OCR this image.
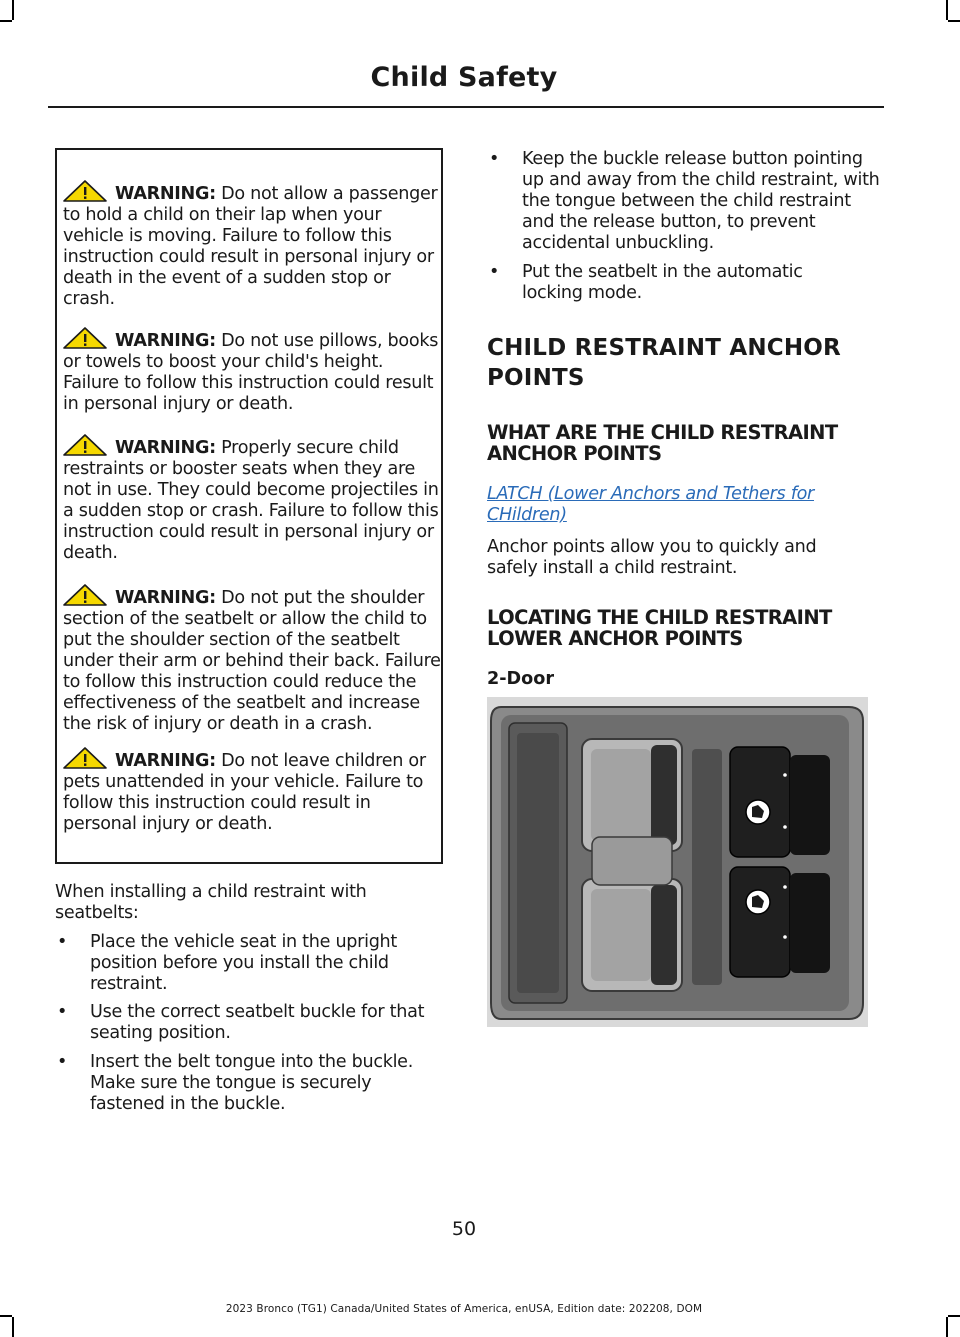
Child Safety
WARNING: Do not allow a passenger to hold a child on their lap when your vehicle is moving. Failure to follow this instruction could result in personal injury or death in the event of a sudden stop or crash.
WARNING: Do not use pillows, books or towels to boost your child's height. Failure to follow this instruction could result in personal injury or death.
WARNING: Properly secure child restraints or booster seats when they are not in use. They could become projectiles in a sudden stop or crash. Failure to follow this instruction could result in personal injury or death.
WARNING: Do not put the shoulder section of the seatbelt or allow the child to put the shoulder section of the seatbelt under their arm or behind their back. Failure to follow this instruction could reduce the effectiveness of the seatbelt and increase the risk of injury or death in a crash.
WARNING: Do not leave children or pets unattended in your vehicle. Failure to follow this instruction could result in personal injury or death.
When installing a child restraint with seatbelts:
• Place the vehicle seat in the upright position before you install the child restraint.
• Use the correct seatbelt buckle for that seating position.
• Insert the belt tongue into the buckle. Make sure the tongue is securely fastened in the buckle.
• Keep the buckle release button pointing up and away from the child restraint, with the tongue between the child restraint and the release button, to prevent accidental unbuckling.
• Put the seatbelt in the automatic locking mode.
CHILD RESTRAINT ANCHOR POINTS
WHAT ARE THE CHILD RESTRAINT ANCHOR POINTS
LATCH (Lower Anchors and Tethers for CHildren)
Anchor points allow you to quickly and safely install a child restraint.
LOCATING THE CHILD RESTRAINT LOWER ANCHOR POINTS
2-Door
50
2023 Bronco (TG1) Canada/United States of America, enUSA, Edition date: 202208, DOM
